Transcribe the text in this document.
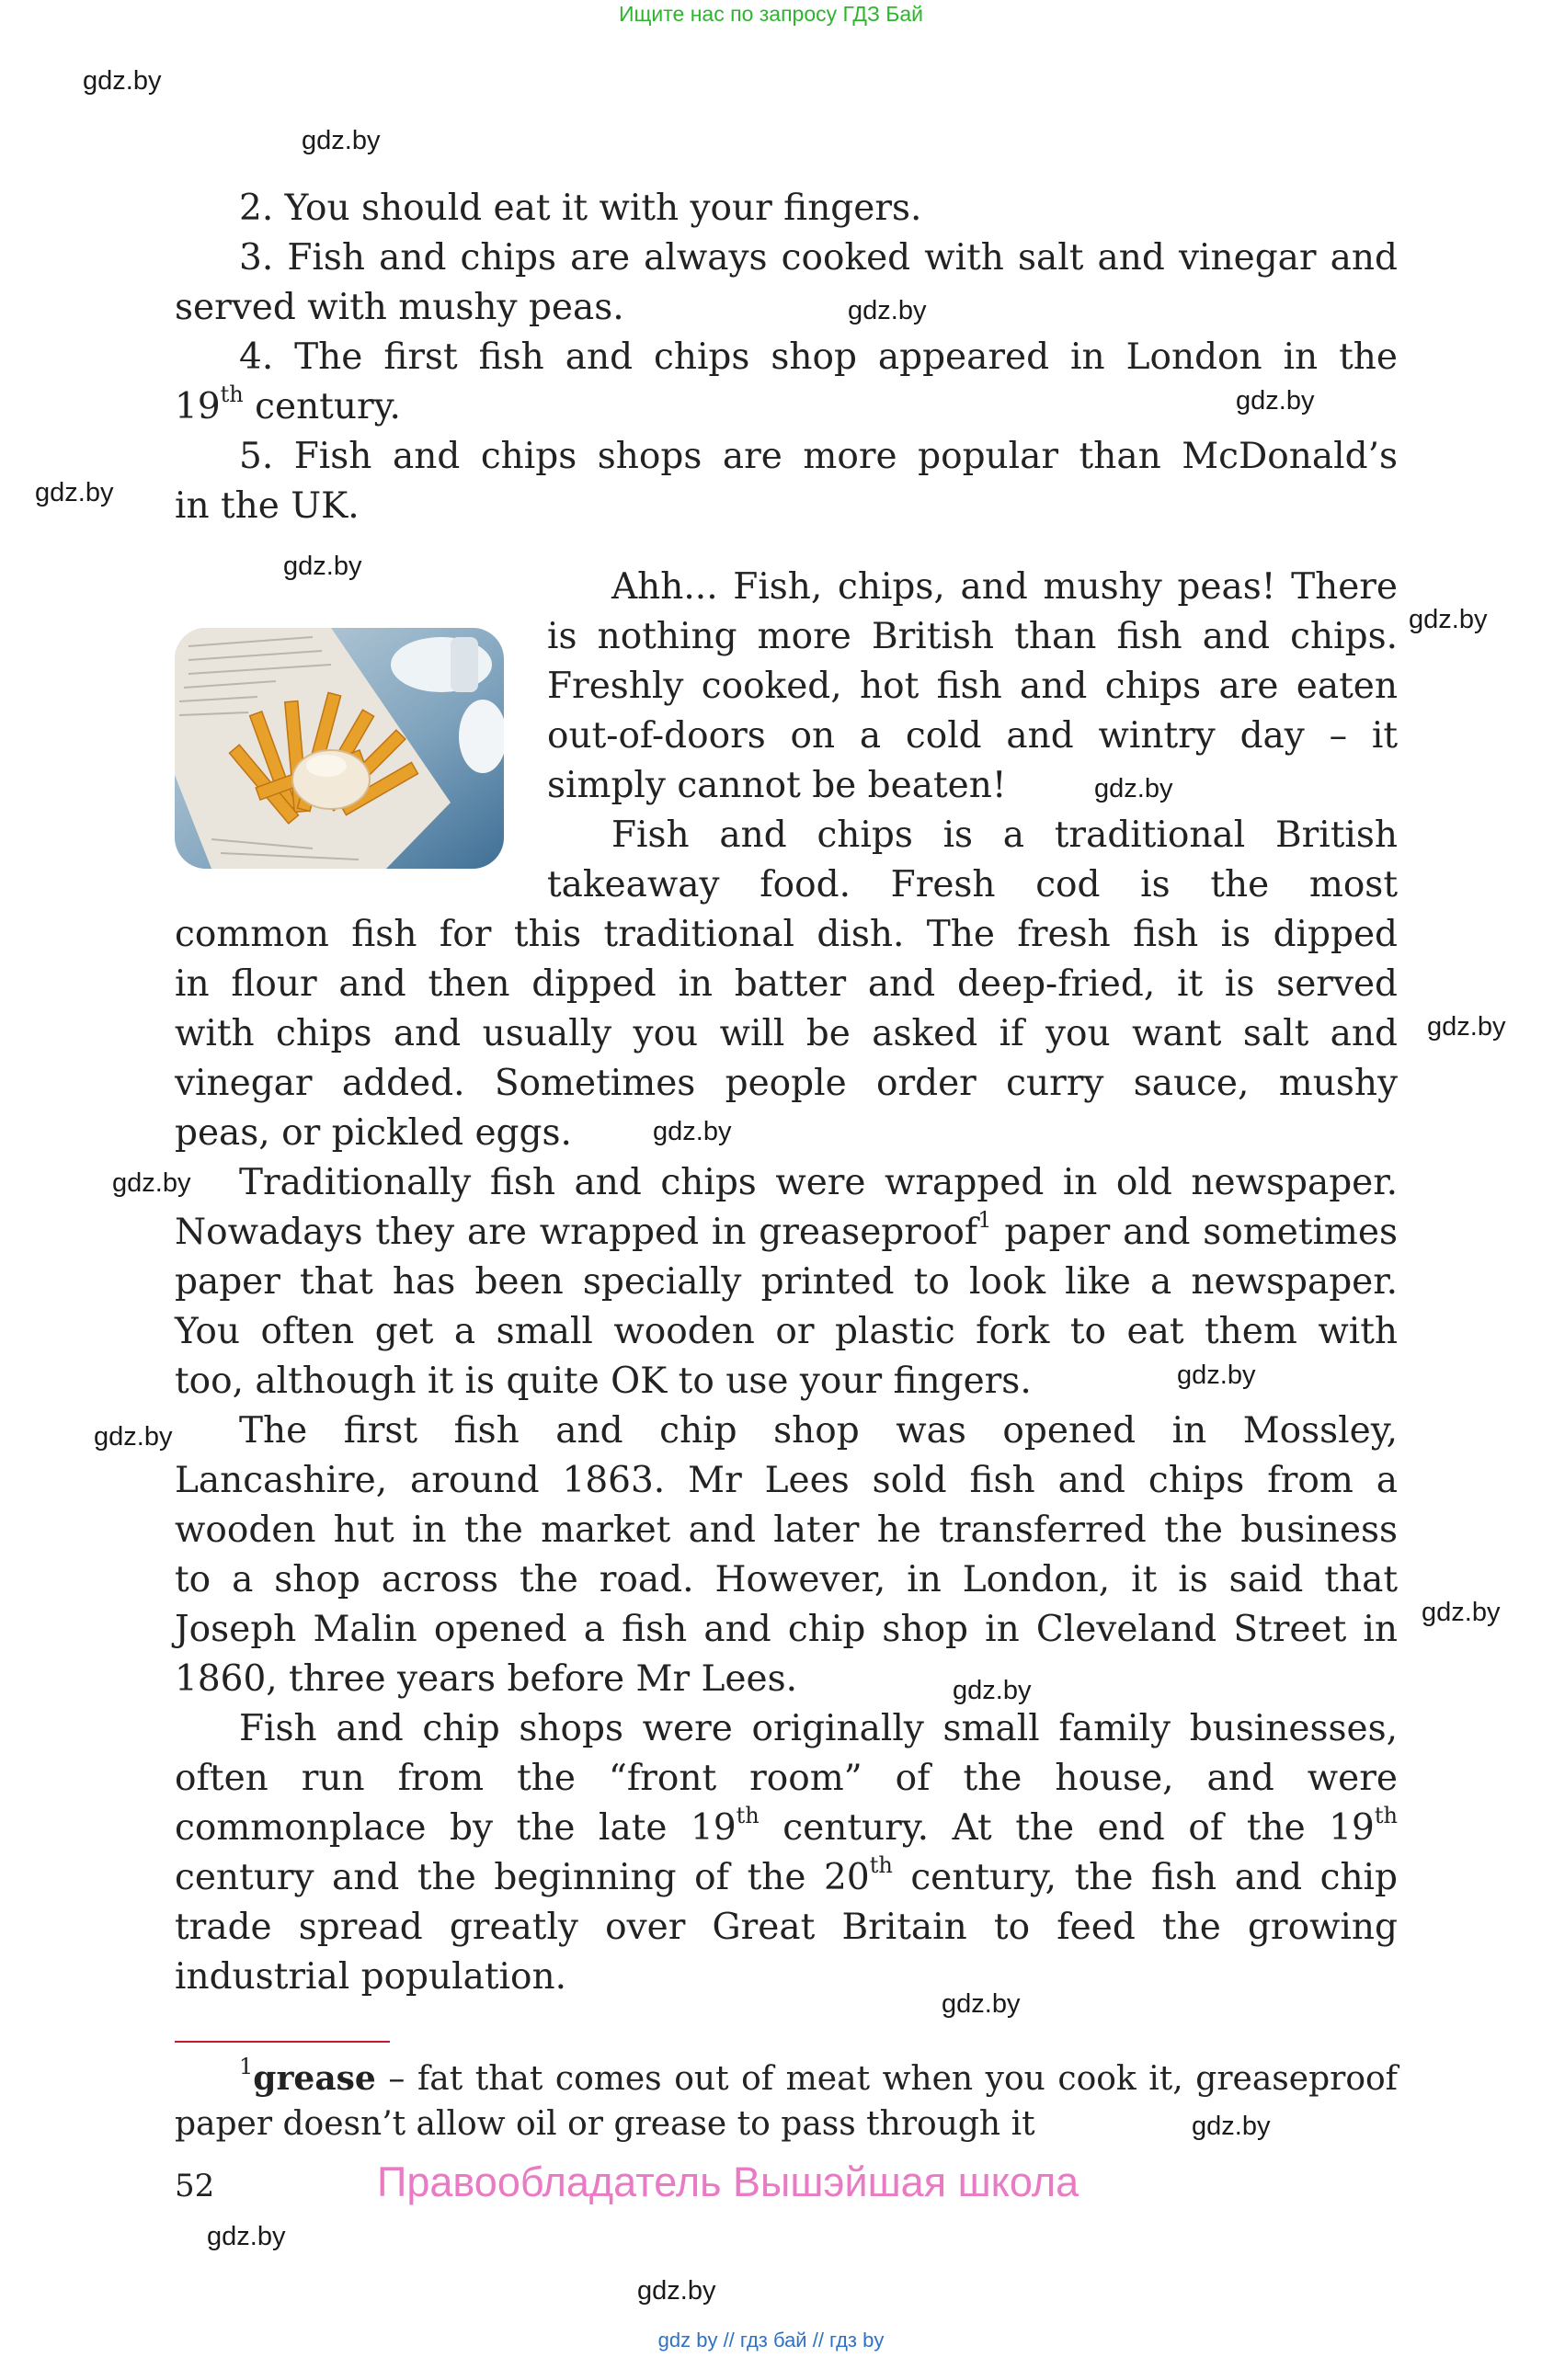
Ищите нас по запросу ГДЗ Бай
gdz.by
gdz.by
gdz.by
gdz.by
gdz.by
gdz.by
gdz.by
gdz.by
gdz.by
gdz.by
gdz.by
gdz.by
gdz.by
gdz.by
gdz.by
gdz.by
gdz.by
gdz.by
gdz.by
2. You should eat it with your fingers.
3. Fish and chips are always cooked with salt and vinegar and
served with mushy peas.
4. The first fish and chips shop appeared in London in the
19th century.
5. Fish and chips shops are more popular than McDonald’s
in the UK.
Ahh... Fish, chips, and mushy peas! There
is nothing more British than fish and chips.
Freshly cooked, hot fish and chips are eaten
out-of-doors on a cold and wintry day – it
simply cannot be beaten!
Fish and chips is a traditional British
takeaway food. Fresh cod is the most
common fish for this traditional dish. The fresh fish is dipped
in flour and then dipped in batter and deep-fried, it is served
with chips and usually you will be asked if you want salt and
vinegar added. Sometimes people order curry sauce, mushy
peas, or pickled eggs.
Traditionally fish and chips were wrapped in old newspaper.
Nowadays they are wrapped in greaseproof$^1$ paper and sometimes
paper that has been specially printed to look like a newspaper.
You often get a small wooden or plastic fork to eat them with
too, although it is quite OK to use your fingers.
The first fish and chip shop was opened in Mossley,
Lancashire, around 1863. Mr Lees sold fish and chips from a
wooden hut in the market and later he transferred the business
to a shop across the road. However, in London, it is said that
Joseph Malin opened a fish and chip shop in Cleveland Street in
1860, three years before Mr Lees.
Fish and chip shops were originally small family businesses,
often run from the “front room” of the house, and were
commonplace by the late 19th century. At the end of the 19th
century and the beginning of the 20th century, the fish and chip
trade spread greatly over Great Britain to feed the growing
industrial population.
$^1$grease – fat that comes out of meat when you cook it, greaseproof
paper doesn’t allow oil or grease to pass through it
52	Правообладатель Вышэйшая школа
gdz by // гдз бай // гдз by
